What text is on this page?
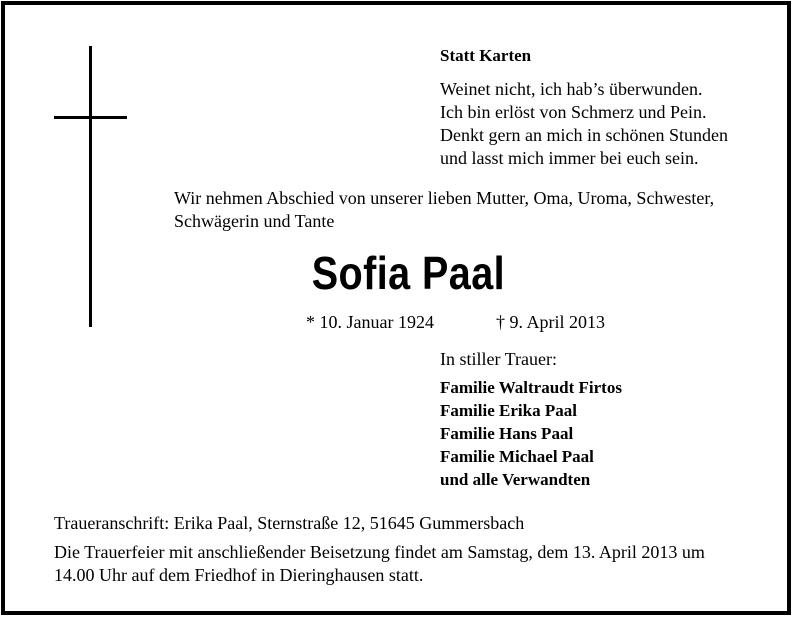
Statt Karten
Weinet nicht, ich hab’s überwunden.
Ich bin erlöst von Schmerz und Pein.
Denkt gern an mich in schönen Stunden
und lasst mich immer bei euch sein.
Wir nehmen Abschied von unserer lieben Mutter, Oma, Uroma, Schwester,
Schwägerin und Tante
Sofia Paal
* 10. Januar 1924	† 9. April 2013
In stiller Trauer:
Familie Waltraudt Firtos
Familie Erika Paal
Familie Hans Paal
Familie Michael Paal
und alle Verwandten
Traueranschrift: Erika Paal, Sternstraße 12, 51645 Gummersbach
Die Trauerfeier mit anschließender Beisetzung findet am Samstag, dem 13. April 2013 um
14.00 Uhr auf dem Friedhof in Dieringhausen statt.
